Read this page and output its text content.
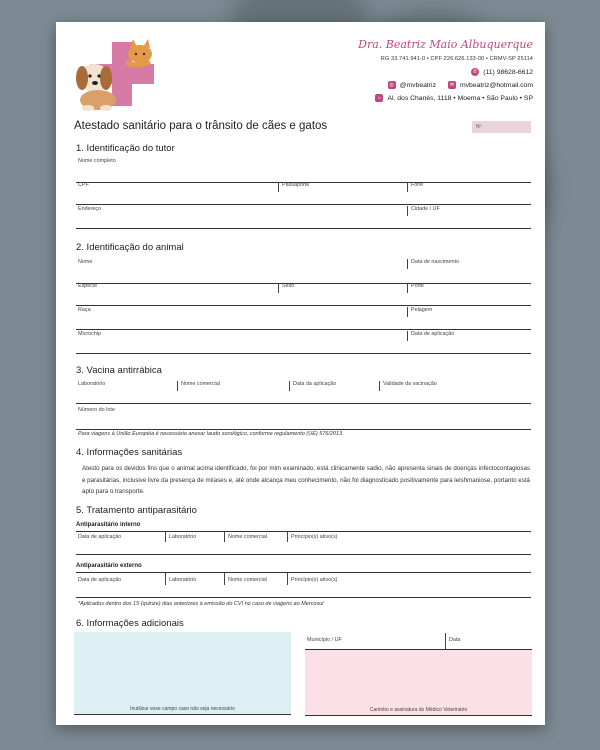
Dra. Beatriz Maio Albuquerque
RG 33.741.941-0 • CPF 226.626.133-00 • CRMV-SP 25114
✆ (11) 98628-6612
◎ @mvbeatriz	✉ mvbeatriz@hotmail.com
⌂ Al. dos Chanés, 1118 • Moema • São Paulo • SP
Atestado sanitário para o trânsito de cães e gatos	Nº
1. Identificação do tutor
Nome completo
CPF	Passaporte	Fone
Endereço	Cidade / UF
2. Identificação do animal
Nome	Data de nascimento
Espécie	Sexo	Porte
Raça	Pelagem
Microchip	Data de aplicação
3. Vacina antirrábica
Laboratório	Nome comercial	Data da aplicação	Validade da vacinação
Número do lote
Para viagens à União Européia é necessário anexar laudo sorológico, conforme regulamento (UE) 576/2013
4. Informações sanitárias
Atesto para os devidos fins que o animal acima identificado, foi por mim examinado, está clinicamente sadio, não apresenta sinais de doenças infectocontagiosas e parasitárias, inclusive livre da presença de miíases e, até onde alcança meu conhecimento, não foi diagnosticado positivamente para leishmaniose, portanto está apto para o transporte.
5. Tratamento antiparasitário
Antiparasitário interno
Data de aplicação	Laboratório	Nome comercial	Princípio(s) ativo(s)
Antiparasitário externo
Data de aplicação	Laboratório	Nome comercial	Princípio(s) ativo(s)
*Aplicados dentro dos 15 (quinze) dias anteriores à emissão do CVI no caso de viagens ao Mercosul
6. Informações adicionais
Inutilizar esse campo caso não seja necessário	Carimbo e assinatura do Médico Veterinário
Município / UF	Data
